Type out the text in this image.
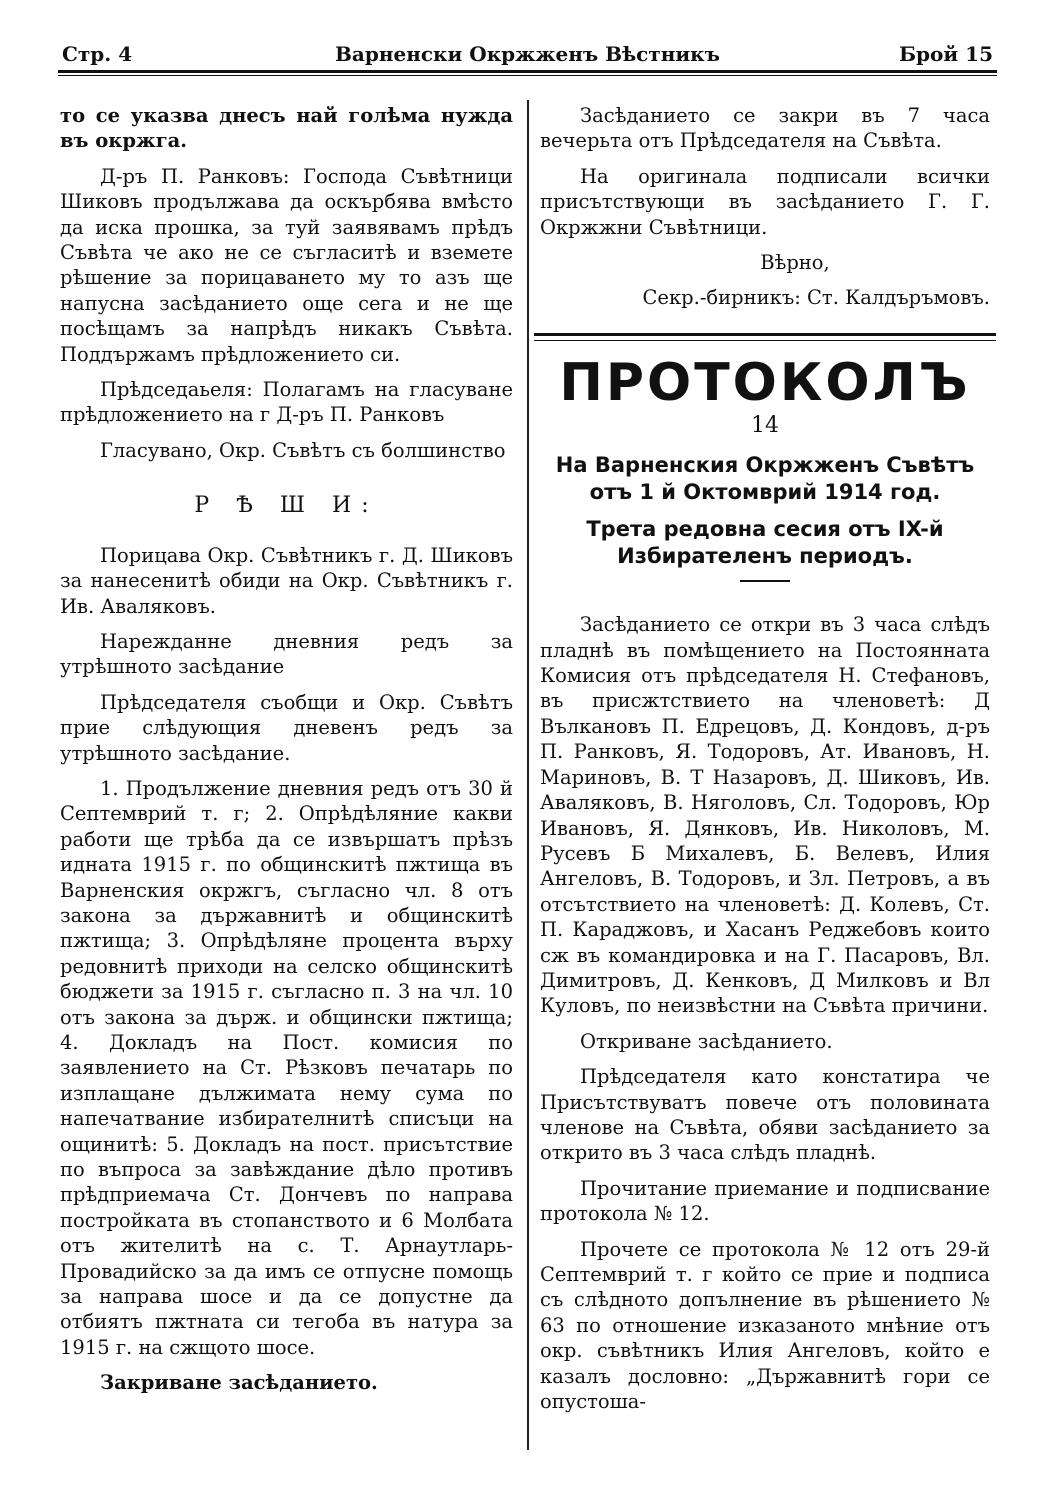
Стр. 4	Варненски Окржженъ Вѣстникъ	Брой 15

то се указва днесъ най голѣма нужда въ окржга.

Д-ръ П. Ранковъ: Господа Съвѣтници Шиковъ продължава да оскърбява вмѣсто да иска прошка, за туй заявявамъ прѣдъ Съвѣта че ако не се съгласитѣ и вземете рѣшение за порицаването му то азъ ще напусна засѣданието още сега и не ще посѣщамъ за напрѣдъ никакъ Съвѣта. Поддържамъ прѣдложението си.

Прѣдседаьеля: Полагамъ на гласуване прѣдложението на г Д-ръ П. Ранковъ

Гласувано, Окр. Съвѣтъ съ болшинство

Р Ѣ Ш И:

Порицава Окр. Съвѣтникъ г. Д. Шиковъ за нанесенитѣ обиди на Окр. Съвѣтникъ г. Ив. Аваляковъ.

Нарежданне дневния редъ за утрѣшното засѣдание

Прѣдседателя съобщи и Окр. Съвѣтъ прие слѣдующия дневенъ редъ за утрѣшното засѣдание.

1. Продължение дневния редъ отъ 30 й Септемврий т. г; 2. Опрѣдѣляние какви работи ще трѣба да се извършатъ прѣзъ идната 1915 г. по общинскитѣ пжтища въ Варненския окржгъ, съгласно чл. 8 отъ закона за държавнитѣ и общинскитѣ пжтища; 3. Опрѣдѣляне процента върху редовнитѣ приходи на селско общинскитѣ бюджети за 1915 г. съгласно п. 3 на чл. 10 отъ закона за държ. и общински пжтища; 4. Докладъ на Пост. комисия по заявлението на Ст. Рѣзковъ печатарь по изплащане дължимата нему сума по напечатвание избирателнитѣ списъци на ощинитѣ: 5. Докладъ на пост. присътствие по въпроса за завѣждание дѣло противъ прѣдприемача Ст. Дончевъ по направа постройката въ стопанството и 6 Молбата отъ жителитѣ на с. Т. Арнаутларь-Провадийско за да имъ се отпусне помощь за направа шосе и да се допустне да отбиятъ пжтната си тегоба въ натура за 1915 г. на сжщото шосе.

Закриване засѣданието.

Засѣданието се закри въ 7 часа вечерьта отъ Прѣдседателя на Съвѣта.

На оригинала подписали всички присътствующи въ засѣданието Г. Г. Окржжни Съвѣтници.

Вѣрно,

Секр.-бирникъ: Ст. Калдъръмовъ.

ПРОТОКОЛЪ

14

На Варненския Окржженъ Съвѣтъ отъ 1 й Октомврий 1914 год.

Трета редовна сесия отъ IX-й Избирателенъ периодъ.

Засѣданието се откри въ 3 часа слѣдъ пладнѣ въ помѣщението на Постоянната Комисия отъ прѣдседателя Н. Стефановъ, въ присжтствието на членоветѣ: Д Вълкановъ П. Едрецовъ, Д. Кондовъ, д-ръ П. Ранковъ, Я. Тодоровъ, Ат. Ивановъ, Н. Мариновъ, В. Т Назаровъ, Д. Шиковъ, Ив. Аваляковъ, В. Няголовъ, Сл. Тодоровъ, Юр Ивановъ, Я. Дянковъ, Ив. Николовъ, М. Русевъ Б Михалевъ, Б. Велевъ, Илия Ангеловъ, В. Тодоровъ, и Зл. Петровъ, а въ отсътствието на членоветѣ: Д. Колевъ, Ст. П. Караджовъ, и Хасанъ Реджебовъ които сж въ командировка и на Г. Пасаровъ, Вл. Димитровъ, Д. Кенковъ, Д Милковъ и Вл Куловъ, по неизвѣстни на Съвѣта причини.

Откриване засѣданието.

Прѣдседателя като констатира че Присътствуватъ повече отъ половината членове на Съвѣта, обяви засѣданието за открито въ 3 часа слѣдъ пладнѣ.

Прочитание приемание и подписвание протокола № 12.

Прочете се протокола № 12 отъ 29-й Септемврий т. г който се прие и подписа съ слѣдното допълнение въ рѣшението № 63 по отношение изказаното мнѣние отъ окр. съвѣтникъ Илия Ангеловъ, който е казалъ дословно: „Държавнитѣ гори се опустоша-
